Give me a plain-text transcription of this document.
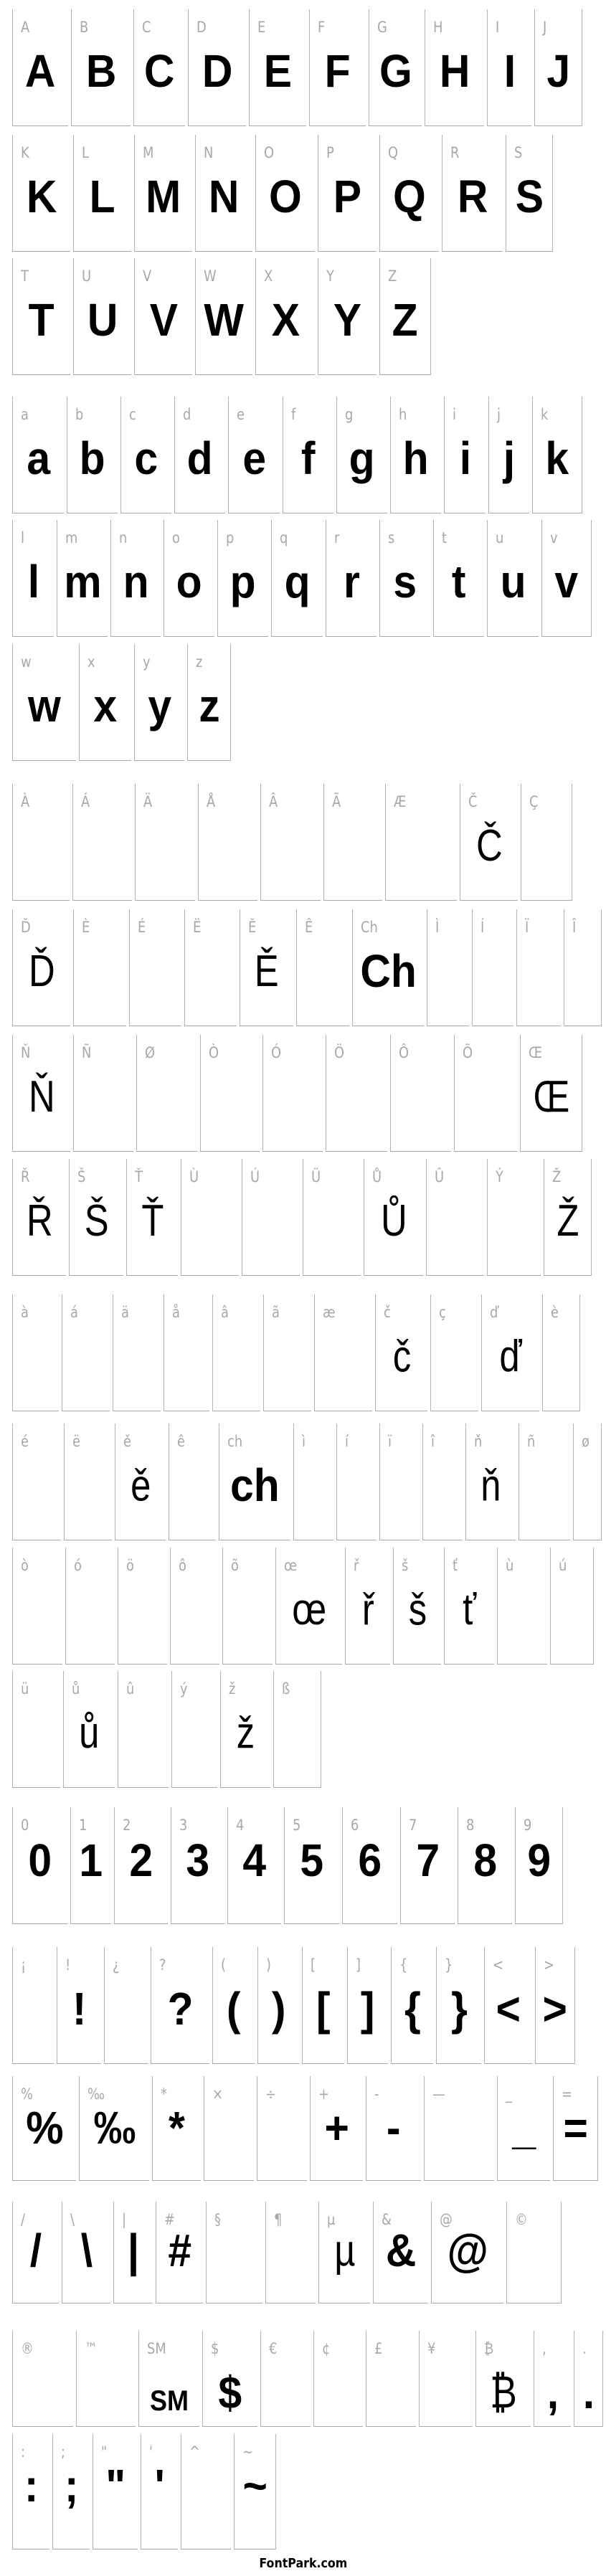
A
A
B
B
C
C
D
D
E
E
F
F
G
G
H
H
I
I
J
J
K
K
L
L
M
M
N
N
O
O
P
P
Q
Q
R
R
S
S
T
T
U
U
V
V
W
W
X
X
Y
Y
Z
Z
a
a
b
b
c
c
d
d
e
e
f
f
g
g
h
h
i
i
j
j
k
k
l
l
m
m
n
n
o
o
p
p
q
q
r
r
s
s
t
t
u
u
v
v
w
w
x
x
y
y
z
z
À	Á	Ä	Å	Â	Ã	Æ	Č
Č
Ç
Ď
Ď
È	É	Ë	Ě
Ě
Ê	Ch
Ch
Ì	Í	Ï	Î
Ň
Ň
Ñ	Ø	Ò	Ó	Ö	Ô	Õ	Œ
Œ
Ř
Ř
Š
Š
Ť
Ť
Ù	Ú	Ü	Ů
Ů
Û	Ý	Ž
Ž
à	á	ä	å	â	ã	æ	č
č
ç	ď
ď
è
é	ë	ě
ě
ê	ch
ch
ì	í	ï	î	ň
ň
ñ	ø
ò	ó	ö	ô	õ	œ
œ
ř
ř
š
š
ť
ť
ù	ú
ü	ů
ů
û	ý	ž
ž
ß
0
0
1
1
2
2
3
3
4
4
5
5
6
6
7
7
8
8
9
9
¡	!
!
¿	?
?
(
(
)
)
[
[
]
]
{
{
}
}
<
<
>
>
%
%
‰
‰
*
*
×	÷	+
+
-
-
—	_
_
=
=
/
/
\
\
|
|
#
#
§	¶	µ
µ
&
&
@
@
©
®	™	SM
SM
$
$
€	¢	£	¥	₿
₿
,
,
.
.
:
:
;
;
"
"
'
'
^	~
~
FontPark.com
